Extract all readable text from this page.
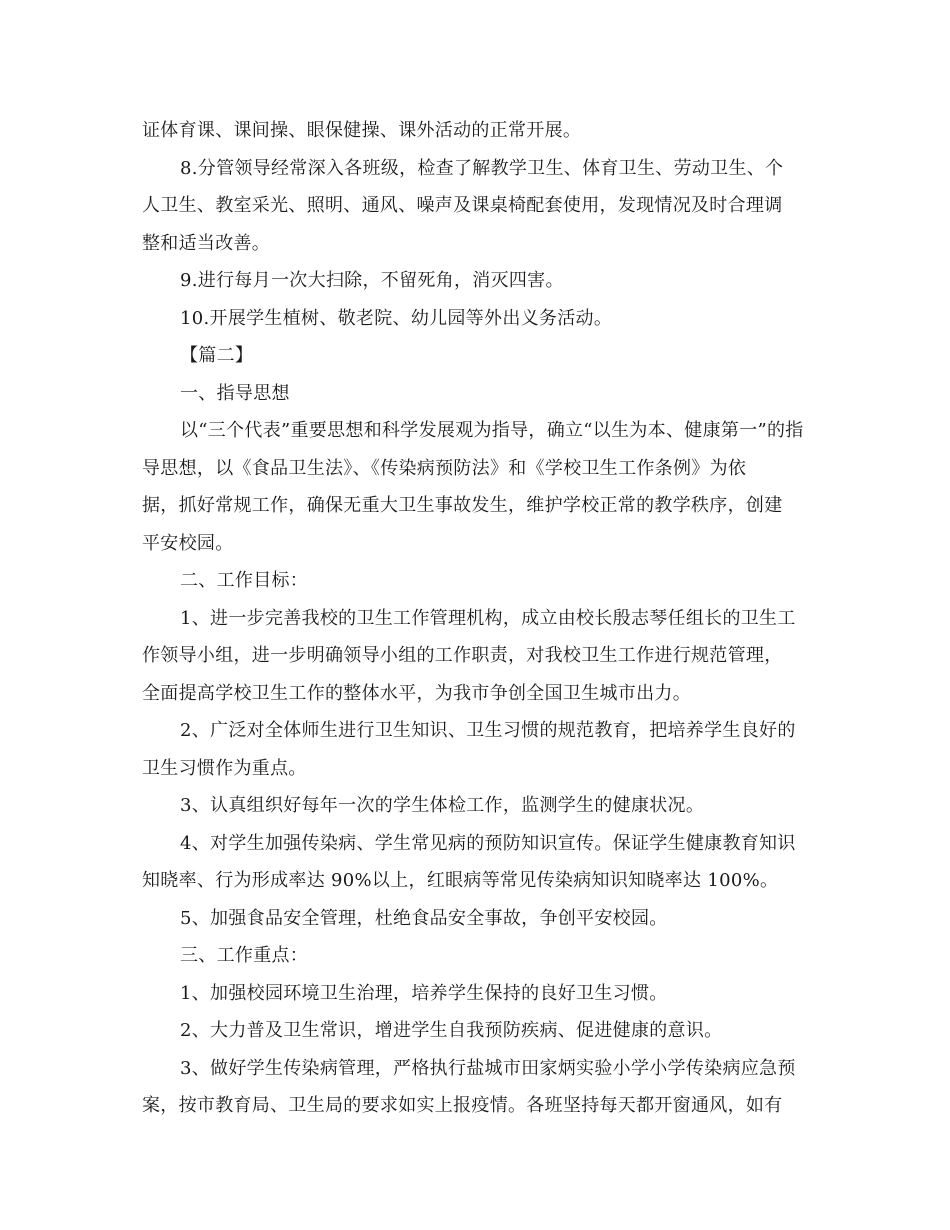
证体育课、课间操、眼保健操、课外活动的正常开展。
8.分管领导经常深入各班级，检查了解教学卫生、体育卫生、劳动卫生、个
人卫生、教室采光、照明、通风、噪声及课桌椅配套使用，发现情况及时合理调
整和适当改善。
9.进行每月一次大扫除，不留死角，消灭四害。
10.开展学生植树、敬老院、幼儿园等外出义务活动。
【篇二】
一、指导思想
以“三个代表”重要思想和科学发展观为指导，确立“以生为本、健康第一”的指
导思想，以《食品卫生法》、《传染病预防法》和《学校卫生工作条例》为依
据，抓好常规工作，确保无重大卫生事故发生，维护学校正常的教学秩序，创建
平安校园。
二、工作目标：
1、进一步完善我校的卫生工作管理机构，成立由校长殷志琴任组长的卫生工
作领导小组，进一步明确领导小组的工作职责，对我校卫生工作进行规范管理，
全面提高学校卫生工作的整体水平，为我市争创全国卫生城市出力。
2、广泛对全体师生进行卫生知识、卫生习惯的规范教育，把培养学生良好的
卫生习惯作为重点。
3、认真组织好每年一次的学生体检工作，监测学生的健康状况。
4、对学生加强传染病、学生常见病的预防知识宣传。保证学生健康教育知识
知晓率、行为形成率达 90%以上，红眼病等常见传染病知识知晓率达 100%。
5、加强食品安全管理，杜绝食品安全事故，争创平安校园。
三、工作重点：
1、加强校园环境卫生治理，培养学生保持的良好卫生习惯。
2、大力普及卫生常识，增进学生自我预防疾病、促进健康的意识。
3、做好学生传染病管理，严格执行盐城市田家炳实验小学小学传染病应急预
案，按市教育局、卫生局的要求如实上报疫情。各班坚持每天都开窗通风，如有
